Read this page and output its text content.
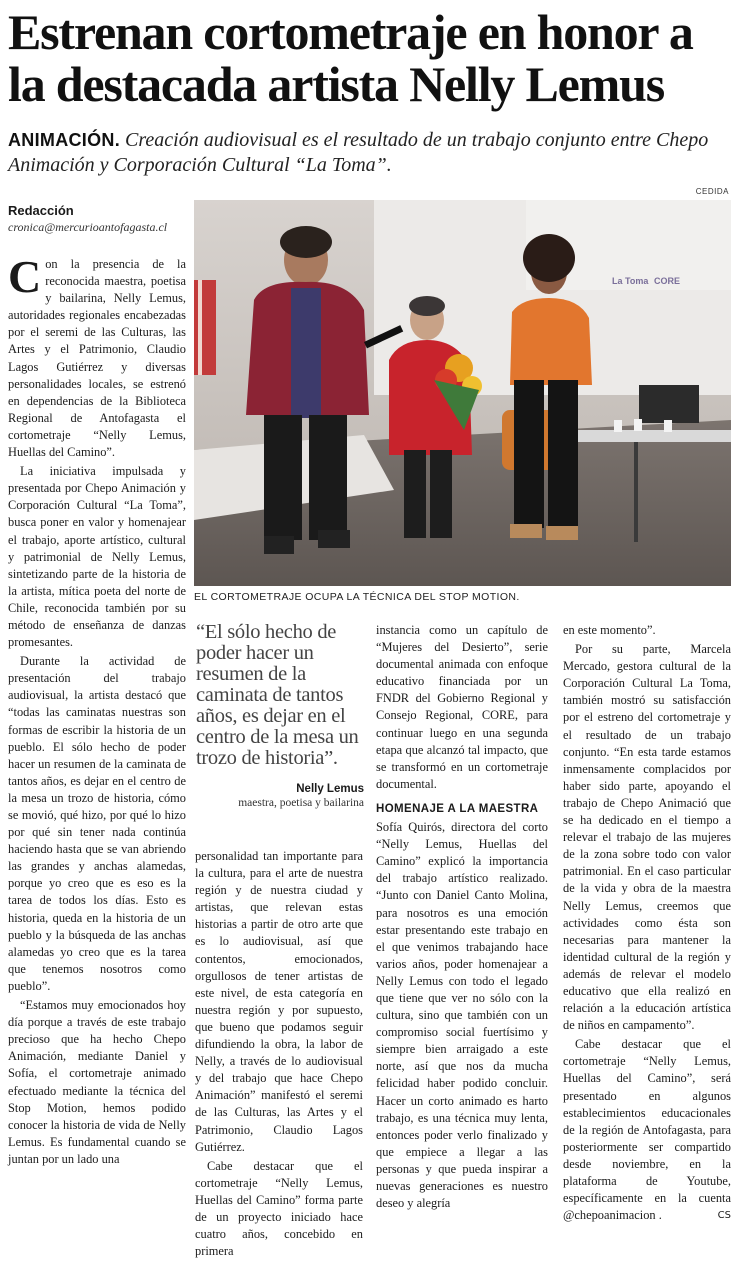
Estrenan cortometraje en honor a la destacada artista Nelly Lemus

ANIMACIÓN. Creación audiovisual es el resultado de un trabajo conjunto entre Chepo Animación y Corporación Cultural “La Toma”.

CEDIDA
Redacción
cronica@mercurioantofagasta.cl
La Toma CORE
EL CORTOMETRAJE OCUPA LA TÉCNICA DEL STOP MOTION.

Con la presencia de la reconocida maestra, poetisa y bailarina, Nelly Lemus, autoridades regionales encabezadas por el seremi de las Culturas, las Artes y el Patrimonio, Claudio Lagos Gutiérrez y diversas personalidades locales, se estrenó en dependencias de la Biblioteca Regional de Antofagasta el cortometraje “Nelly Lemus, Huellas del Camino”.

La iniciativa impulsada y presentada por Chepo Animación y Corporación Cultural “La Toma”, busca poner en valor y homenajear el trabajo, aporte artístico, cultural y patrimonial de Nelly Lemus, sintetizando parte de la historia de la artista, mítica poeta del norte de Chile, reconocida también por su método de enseñanza de danzas promesantes.

Durante la actividad de presentación del trabajo audiovisual, la artista destacó que “todas las caminatas nuestras son formas de escribir la historia de un pueblo. El sólo hecho de poder hacer un resumen de la caminata de tantos años, es dejar en el centro de la mesa un trozo de historia, cómo se movió, qué hizo, por qué lo hizo por qué sin tener nada continúa haciendo hasta que se van abriendo las grandes y anchas alamedas, porque yo creo que es eso es la tarea de todos los días. Esto es historia, queda en la historia de un pueblo y la búsqueda de las anchas alamedas yo creo que es la tarea que tenemos nosotros como pueblo”.

“Estamos muy emocionados hoy día porque a través de este trabajo precioso que ha hecho Chepo Animación, mediante Daniel y Sofía, el cortometraje animado efectuado mediante la técnica del Stop Motion, hemos podido conocer la historia de vida de Nelly Lemus. Es fundamental cuando se juntan por un lado una

“El sólo hecho de poder hacer un resumen de la caminata de tantos años, es dejar en el centro de la mesa un trozo de historia”.

Nelly Lemus
maestra, poetisa y bailarina

personalidad tan importante para la cultura, para el arte de nuestra región y de nuestra ciudad y artistas, que relevan estas historias a partir de otro arte que es lo audiovisual, así que contentos, emocionados, orgullosos de tener artistas de este nivel, de esta categoría en nuestra región y por supuesto, que bueno que podamos seguir difundiendo la obra, la labor de Nelly, a través de lo audiovisual y del trabajo que hace Chepo Animación” manifestó el seremi de las Culturas, las Artes y el Patrimonio, Claudio Lagos Gutiérrez.

Cabe destacar que el cortometraje “Nelly Lemus, Huellas del Camino” forma parte de un proyecto iniciado hace cuatro años, concebido en primera

instancia como un capítulo de “Mujeres del Desierto”, serie documental animada con enfoque educativo financiada por un FNDR del Gobierno Regional y Consejo Regional, CORE, para continuar luego en una segunda etapa que alcanzó tal impacto, que se transformó en un cortometraje documental.

HOMENAJE A LA MAESTRA

Sofía Quirós, directora del corto “Nelly Lemus, Huellas del Camino” explicó la importancia del trabajo artístico realizado. “Junto con Daniel Canto Molina, para nosotros es una emoción estar presentando este trabajo en el que venimos trabajando hace varios años, poder homenajear a Nelly Lemus con todo el legado que tiene que ver no sólo con la cultura, sino que también con un compromiso social fuertísimo y siempre bien arraigado a este norte, así que nos da mucha felicidad haber podido concluir. Hacer un corto animado es harto trabajo, es una técnica muy lenta, entonces poder verlo finalizado y que empiece a llegar a las personas y que pueda inspirar a nuevas generaciones es nuestro deseo y alegría

en este momento”.

Por su parte, Marcela Mercado, gestora cultural de la Corporación Cultural La Toma, también mostró su satisfacción por el estreno del cortometraje y el resultado de un trabajo conjunto. “En esta tarde estamos inmensamente complacidos por haber sido parte, apoyando el trabajo de Chepo Animació que se ha dedicado en el tiempo a relevar el trabajo de las mujeres de la zona sobre todo con valor patrimonial. En el caso particular de la vida y obra de la maestra Nelly Lemus, creemos que actividades como ésta son necesarias para mantener la identidad cultural de la región y además de relevar el modelo educativo que ella realizó en relación a la educación artística de niños en campamento”.

Cabe destacar que el cortometraje “Nelly Lemus, Huellas del Camino”, será presentado en algunos establecimientos educacionales de la región de Antofagasta, para posteriormente ser compartido desde noviembre, en la plataforma de Youtube, específicamente en la cuenta @chepoanimacion .	CS
